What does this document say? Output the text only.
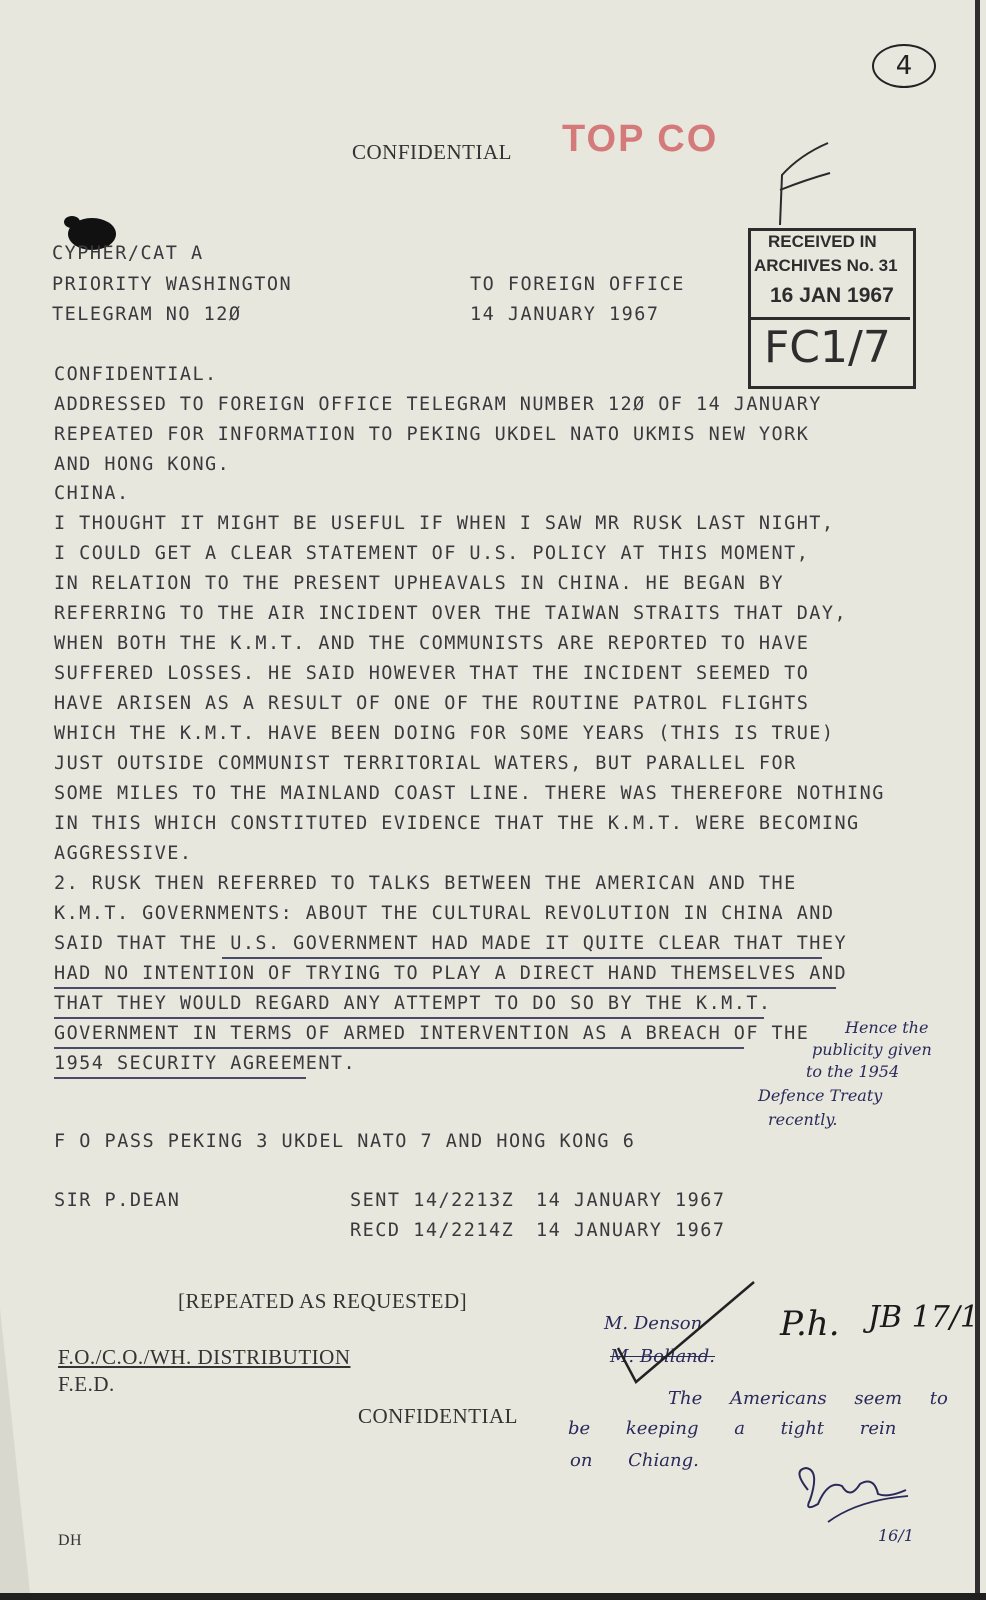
4
CONFIDENTIAL TOP CO
RECEIVED IN
ARCHIVES No. 31
16 JAN 1967
FC1/7
CYPHER/CAT A
PRIORITY WASHINGTON
TELEGRAM NO 12Ø
TO FOREIGN OFFICE
14 JANUARY 1967
CONFIDENTIAL.
ADDRESSED TO FOREIGN OFFICE TELEGRAM NUMBER 12Ø OF 14 JANUARY
REPEATED FOR INFORMATION TO PEKING UKDEL NATO UKMIS NEW YORK
AND HONG KONG.
CHINA.
I THOUGHT IT MIGHT BE USEFUL IF WHEN I SAW MR RUSK LAST NIGHT,
I COULD GET A CLEAR STATEMENT OF U.S. POLICY AT THIS MOMENT,
IN RELATION TO THE PRESENT UPHEAVALS IN CHINA. HE BEGAN BY
REFERRING TO THE AIR INCIDENT OVER THE TAIWAN STRAITS THAT DAY,
WHEN BOTH THE K.M.T. AND THE COMMUNISTS ARE REPORTED TO HAVE
SUFFERED LOSSES. HE SAID HOWEVER THAT THE INCIDENT SEEMED TO
HAVE ARISEN AS A RESULT OF ONE OF THE ROUTINE PATROL FLIGHTS
WHICH THE K.M.T. HAVE BEEN DOING FOR SOME YEARS (THIS IS TRUE)
JUST OUTSIDE COMMUNIST TERRITORIAL WATERS, BUT PARALLEL FOR
SOME MILES TO THE MAINLAND COAST LINE. THERE WAS THEREFORE NOTHING
IN THIS WHICH CONSTITUTED EVIDENCE THAT THE K.M.T. WERE BECOMING
AGGRESSIVE.
2. RUSK THEN REFERRED TO TALKS BETWEEN THE AMERICAN AND THE
K.M.T. GOVERNMENTS: ABOUT THE CULTURAL REVOLUTION IN CHINA AND
SAID THAT THE U.S. GOVERNMENT HAD MADE IT QUITE CLEAR THAT THEY
HAD NO INTENTION OF TRYING TO PLAY A DIRECT HAND THEMSELVES AND
THAT THEY WOULD REGARD ANY ATTEMPT TO DO SO BY THE K.M.T.
GOVERNMENT IN TERMS OF ARMED INTERVENTION AS A BREACH OF THE
1954 SECURITY AGREEMENT.
Hence the
publicity given
to the 1954
Defence Treaty
recently.
F O PASS PEKING 3 UKDEL NATO 7 AND HONG KONG 6
SIR P.DEAN	SENT 14/2213Z 14 JANUARY 1967
RECD 14/2214Z 14 JANUARY 1967
[REPEATED AS REQUESTED]
F.O./C.O./WH. DISTRIBUTION
F.E.D.
CONFIDENTIAL
DH
M. Denson
M. Bolland.
P.h. JB 17/1
The Americans seem to
be keeping a tight rein
on Chiang.
16/1
